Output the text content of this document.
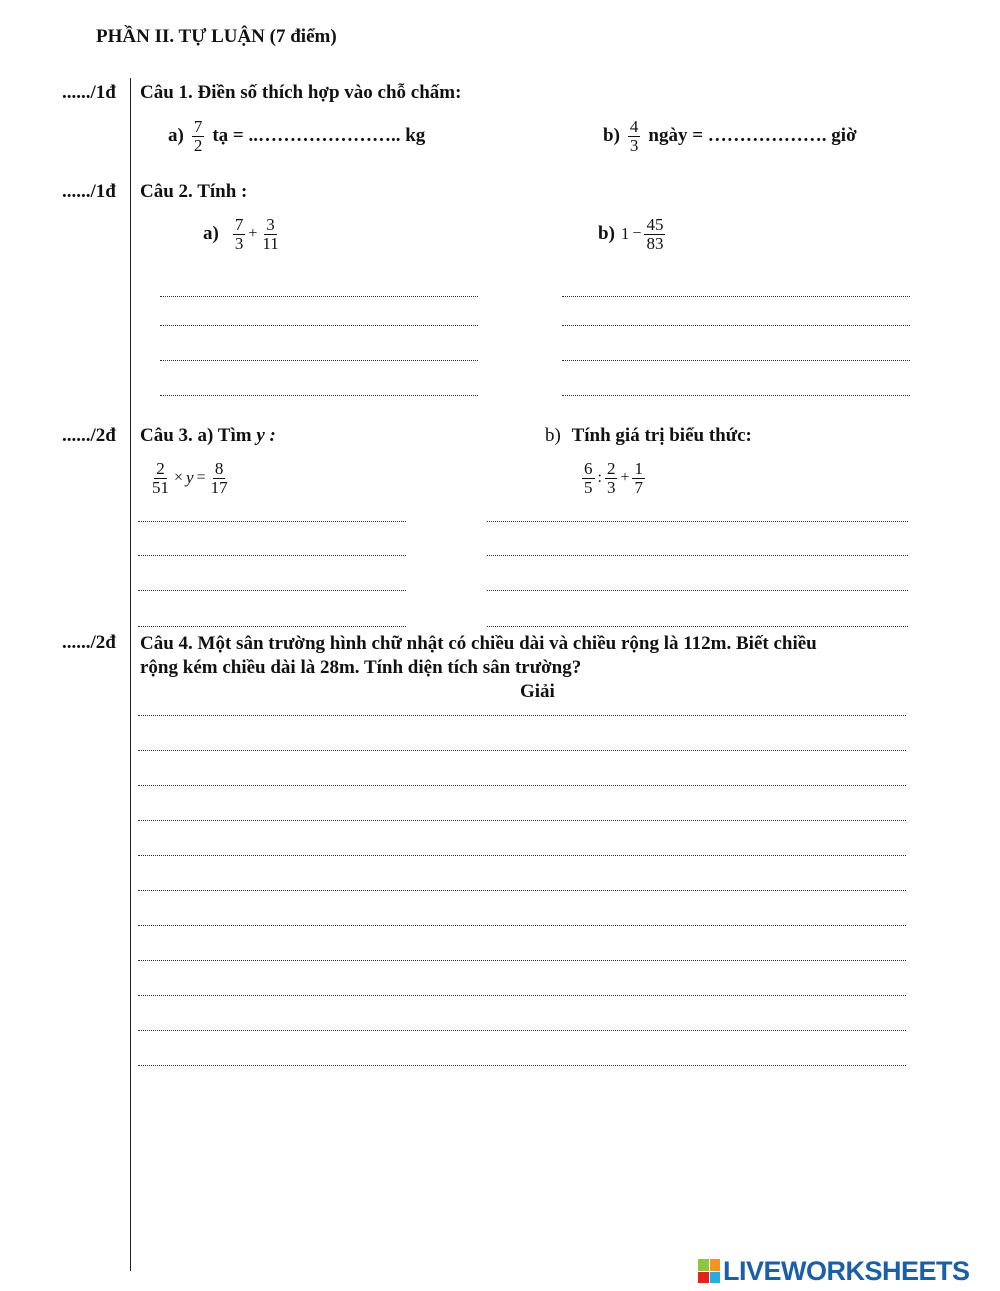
PHẦN II. TỰ LUẬN (7 điểm)
....../1đ Câu 1. Điền số thích hợp vào chỗ chấm:
$a) \frac{7}{2}$ tạ = ..………………….. kg	$b) \frac{4}{3}$ ngày = ………………. giờ
....../1đ Câu 2. Tính :
$a) \frac{7}{3} + \frac{3}{11}$	b) $1 - \frac{45}{83}$
....../2đ Câu 3. a) Tìm y :	b) Tính giá trị biểu thức:
$\frac{2}{51} \times y = \frac{8}{17}$	$\frac{6}{5}$ : $\frac{2}{3} + \frac{1}{7}$
....../2đ Câu 4. Một sân trường hình chữ nhật có chiều dài và chiều rộng là 112m. Biết chiều
rộng kém chiều dài là 28m. Tính diện tích sân trường?
Giải
LIVEWORKSHEETS
